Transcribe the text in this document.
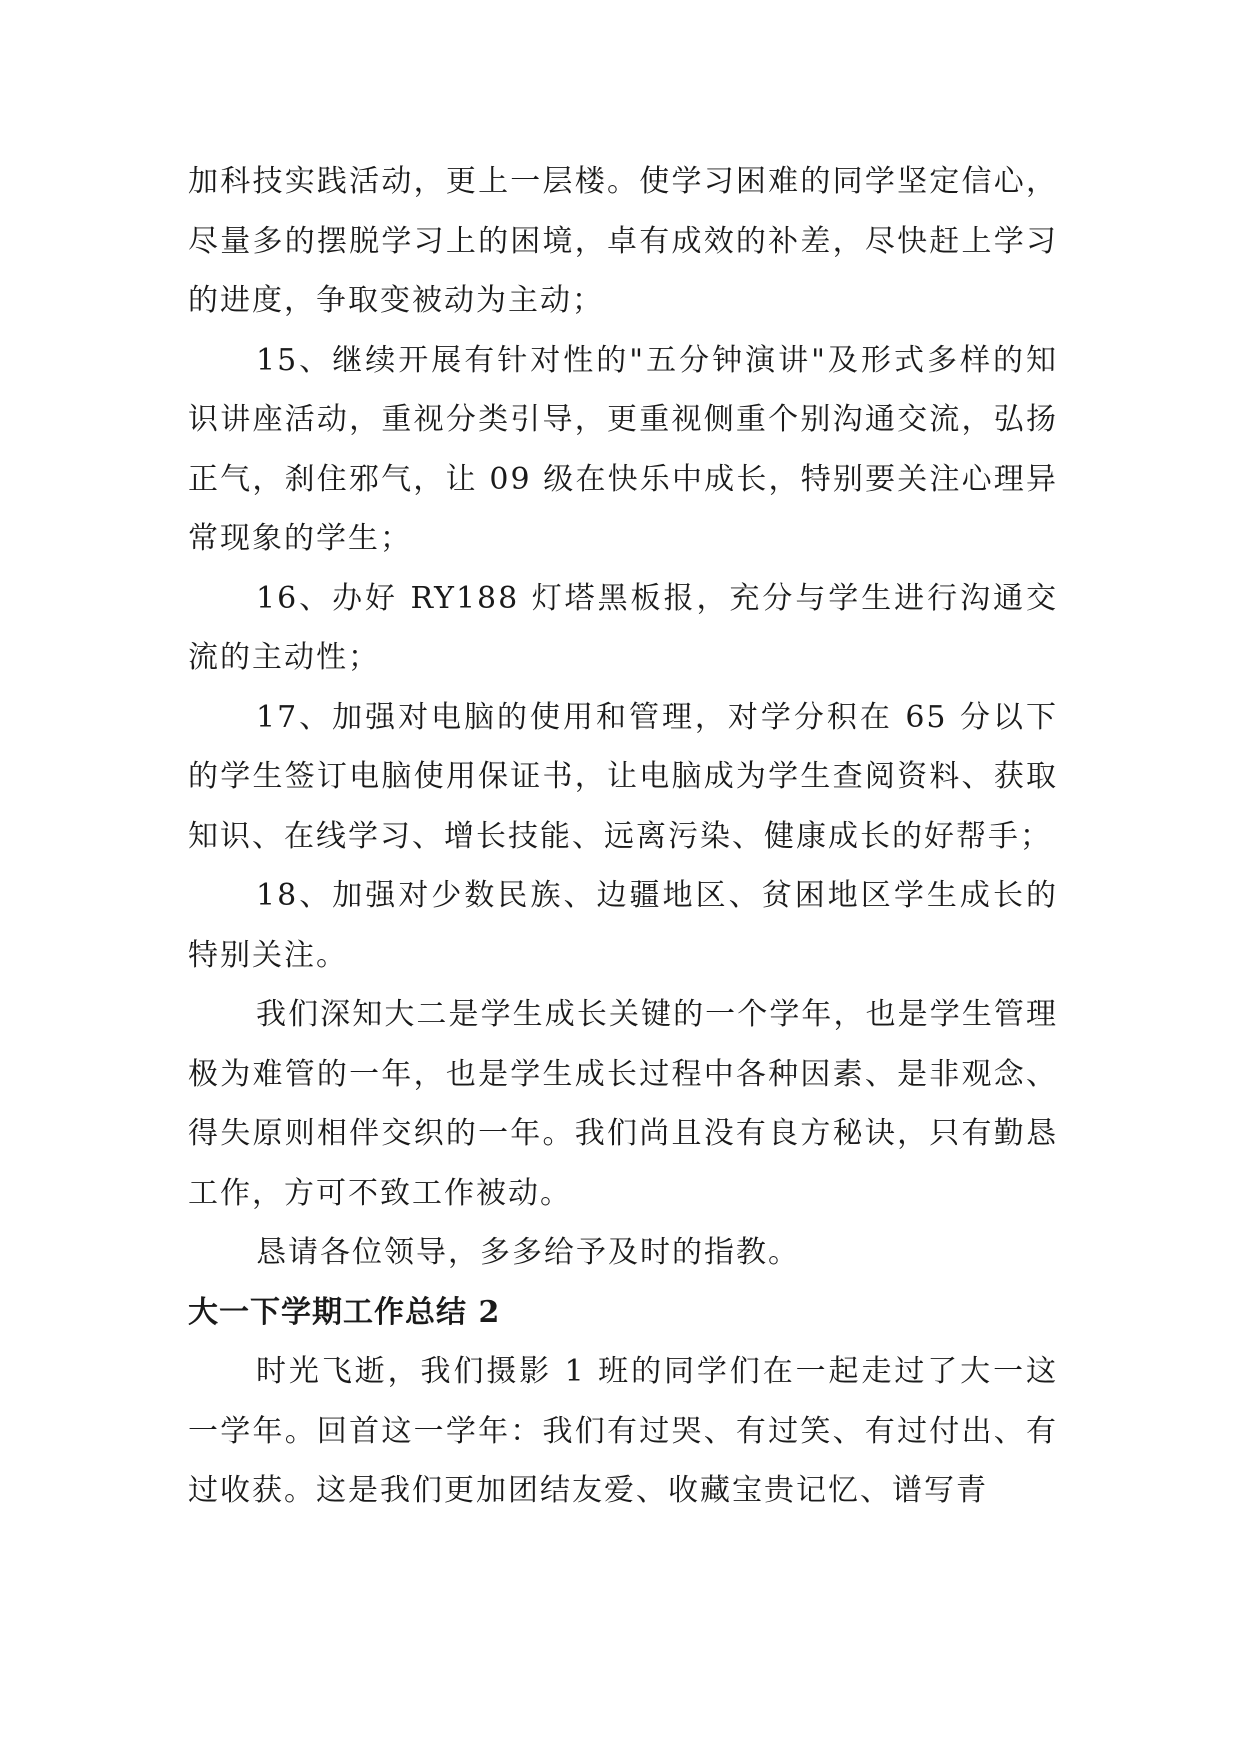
加科技实践活动，更上一层楼。使学习困难的同学坚定信心，尽量多的摆脱学习上的困境，卓有成效的补差，尽快赶上学习的进度，争取变被动为主动；

15、继续开展有针对性的"五分钟演讲"及形式多样的知识讲座活动，重视分类引导，更重视侧重个别沟通交流，弘扬正气，刹住邪气，让 09 级在快乐中成长，特别要关注心理异常现象的学生；

16、办好 RY188 灯塔黑板报，充分与学生进行沟通交流的主动性；

17、加强对电脑的使用和管理，对学分积在 65 分以下的学生签订电脑使用保证书，让电脑成为学生查阅资料、获取知识、在线学习、增长技能、远离污染、健康成长的好帮手；

18、加强对少数民族、边疆地区、贫困地区学生成长的特别关注。

我们深知大二是学生成长关键的一个学年，也是学生管理极为难管的一年，也是学生成长过程中各种因素、是非观念、得失原则相伴交织的一年。我们尚且没有良方秘诀，只有勤恳工作，方可不致工作被动。

恳请各位领导，多多给予及时的指教。

大一下学期工作总结 2

时光飞逝，我们摄影 1 班的同学们在一起走过了大一这一学年。回首这一学年：我们有过哭、有过笑、有过付出、有过收获。这是我们更加团结友爱、收藏宝贵记忆、谱写青
